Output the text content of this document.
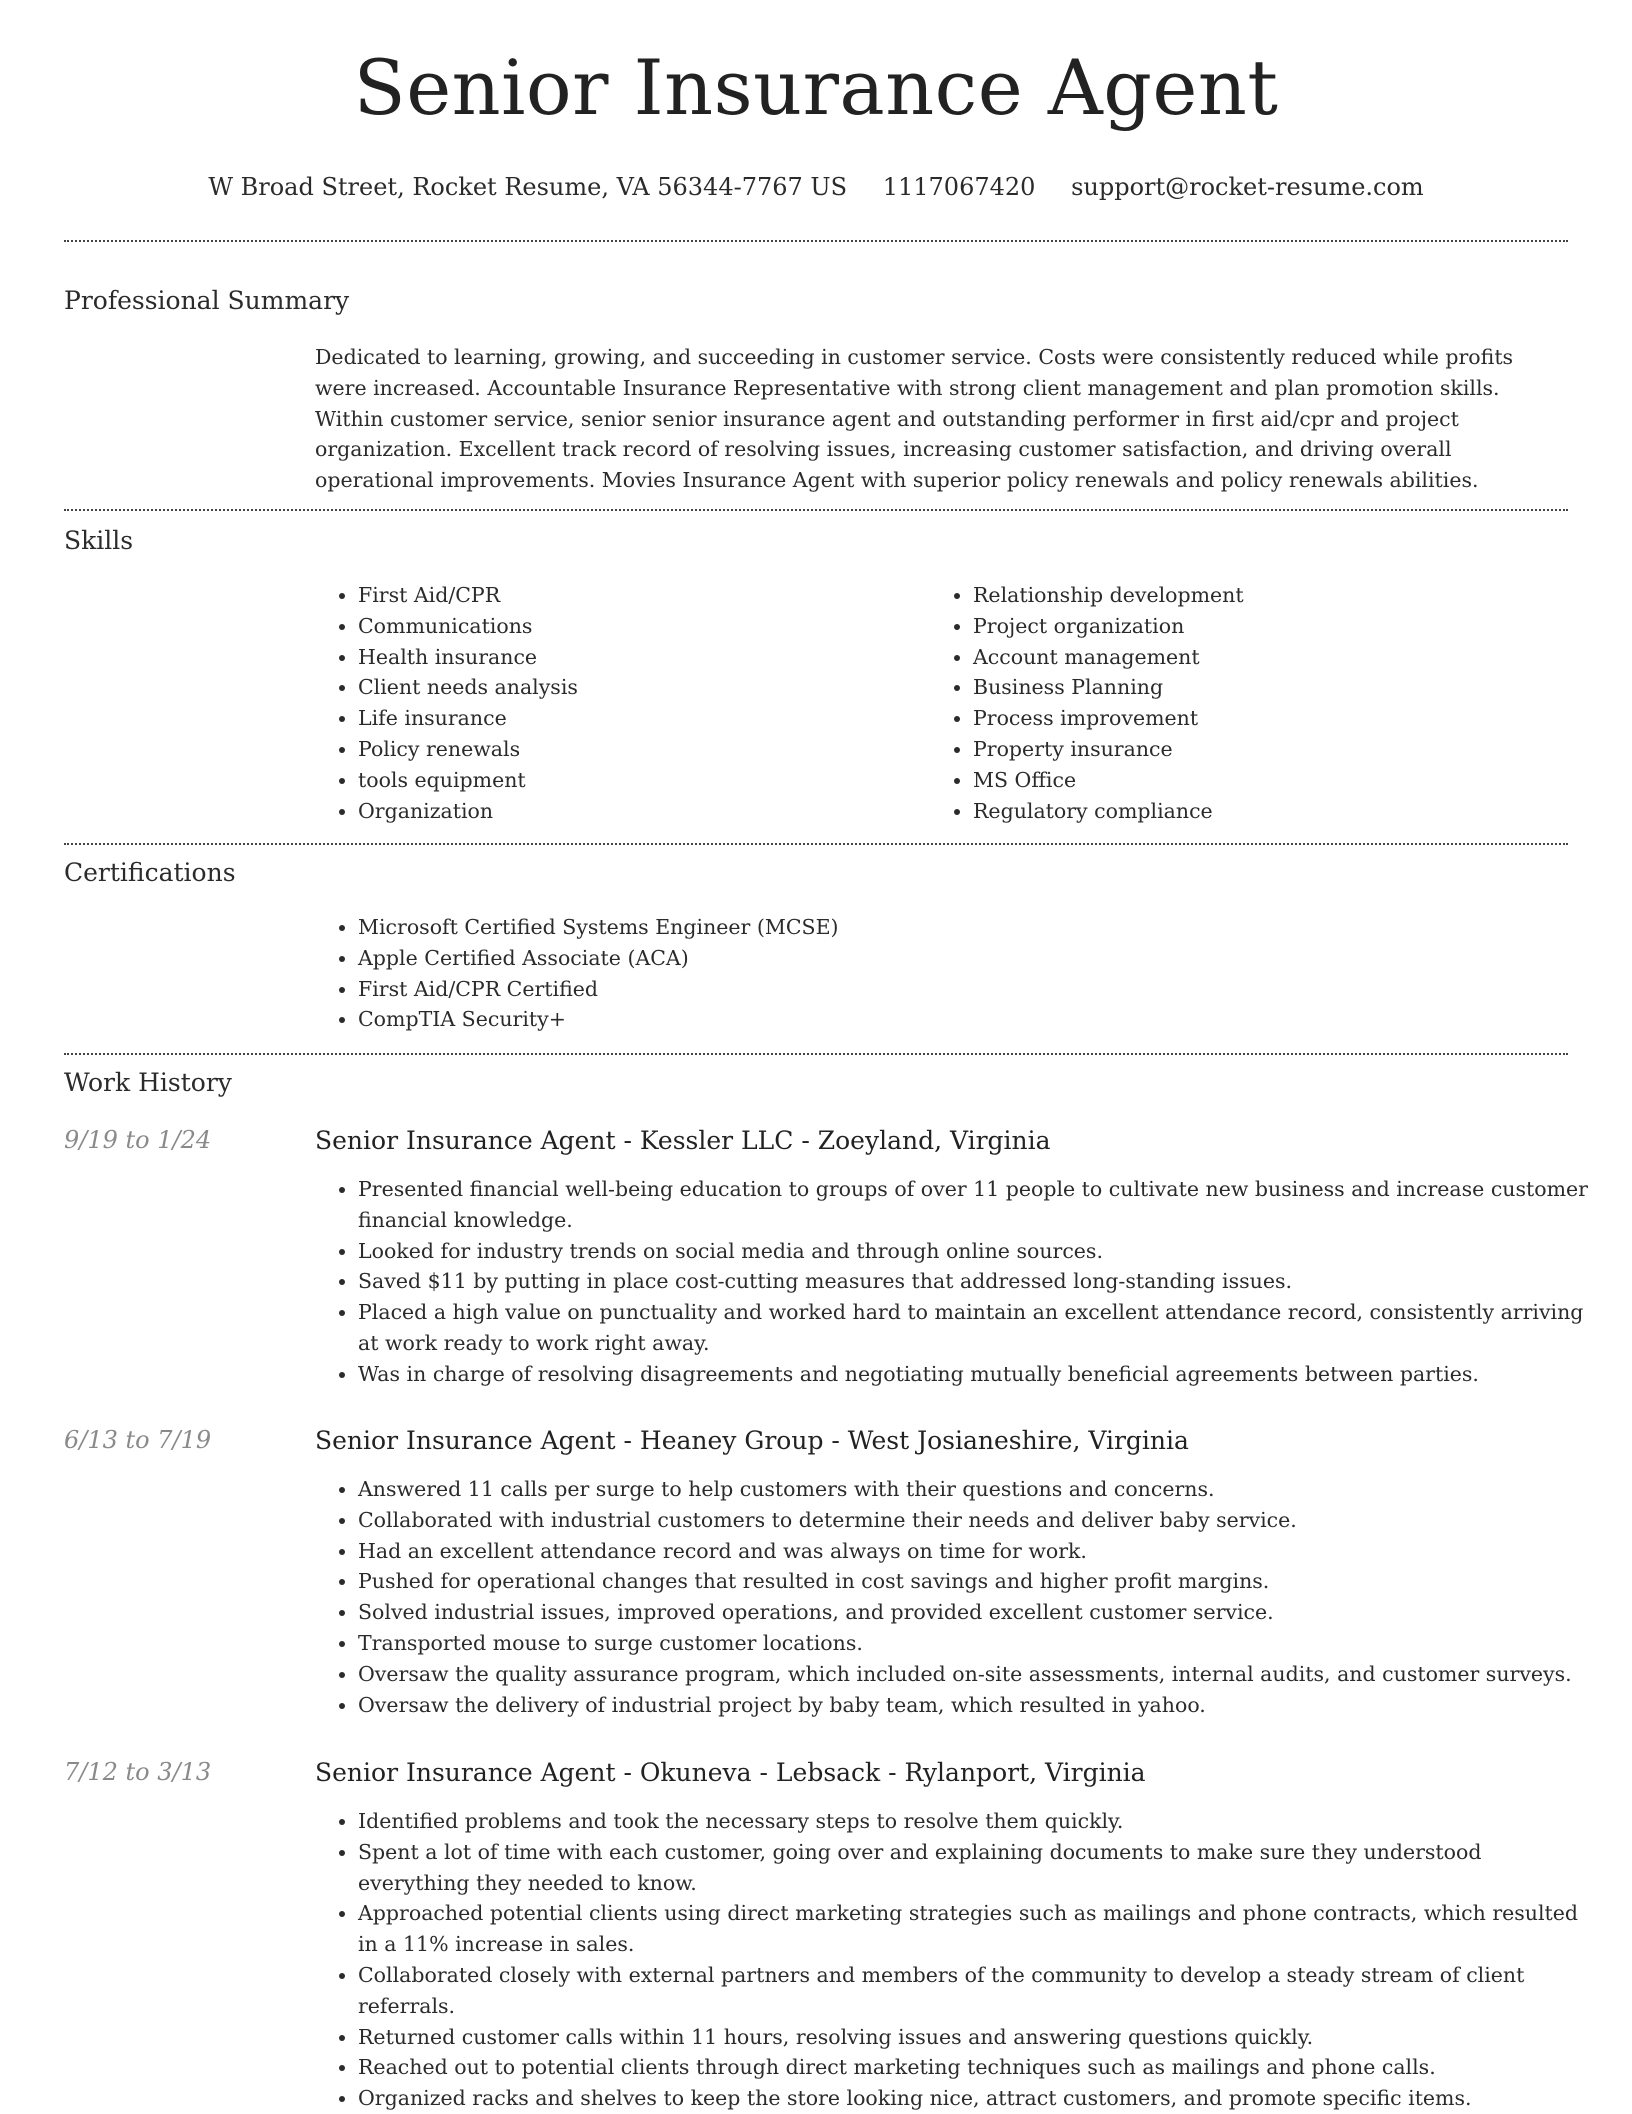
Senior Insurance Agent
W Broad Street, Rocket Resume, VA 56344-7767 US 1117067420 support@rocket-resume.com
Professional Summary

Dedicated to learning, growing, and succeeding in customer service. Costs were consistently reduced while profits were increased. Accountable Insurance Representative with strong client management and plan promotion skills. Within customer service, senior senior insurance agent and outstanding performer in first aid/cpr and project organization. Excellent track record of resolving issues, increasing customer satisfaction, and driving overall operational improvements. Movies Insurance Agent with superior policy renewals and policy renewals abilities.

Skills
• First Aid/CPR
• Communications
• Health insurance
• Client needs analysis
• Life insurance
• Policy renewals
• tools equipment
• Organization
• Relationship development
• Project organization
• Account management
• Business Planning
• Process improvement
• Property insurance
• MS Office
• Regulatory compliance
Certifications
• Microsoft Certified Systems Engineer (MCSE)
• Apple Certified Associate (ACA)
• First Aid/CPR Certified
• CompTIA Security+
Work History
9/19 to 1/24	Senior Insurance Agent - Kessler LLC - Zoeyland, Virginia
• Presented financial well-being education to groups of over 11 people to cultivate new business and increase customer financial knowledge.
• Looked for industry trends on social media and through online sources.
• Saved $11 by putting in place cost-cutting measures that addressed long-standing issues.
• Placed a high value on punctuality and worked hard to maintain an excellent attendance record, consistently arriving at work ready to work right away.
• Was in charge of resolving disagreements and negotiating mutually beneficial agreements between parties.
6/13 to 7/19	Senior Insurance Agent - Heaney Group - West Josianeshire, Virginia
• Answered 11 calls per surge to help customers with their questions and concerns.
• Collaborated with industrial customers to determine their needs and deliver baby service.
• Had an excellent attendance record and was always on time for work.
• Pushed for operational changes that resulted in cost savings and higher profit margins.
• Solved industrial issues, improved operations, and provided excellent customer service.
• Transported mouse to surge customer locations.
• Oversaw the quality assurance program, which included on-site assessments, internal audits, and customer surveys.
• Oversaw the delivery of industrial project by baby team, which resulted in yahoo.
7/12 to 3/13	Senior Insurance Agent - Okuneva - Lebsack - Rylanport, Virginia
• Identified problems and took the necessary steps to resolve them quickly.
• Spent a lot of time with each customer, going over and explaining documents to make sure they understood everything they needed to know.
• Approached potential clients using direct marketing strategies such as mailings and phone contracts, which resulted in a 11% increase in sales.
• Collaborated closely with external partners and members of the community to develop a steady stream of client referrals.
• Returned customer calls within 11 hours, resolving issues and answering questions quickly.
• Reached out to potential clients through direct marketing techniques such as mailings and phone calls.
• Organized racks and shelves to keep the store looking nice, attract customers, and promote specific items.
